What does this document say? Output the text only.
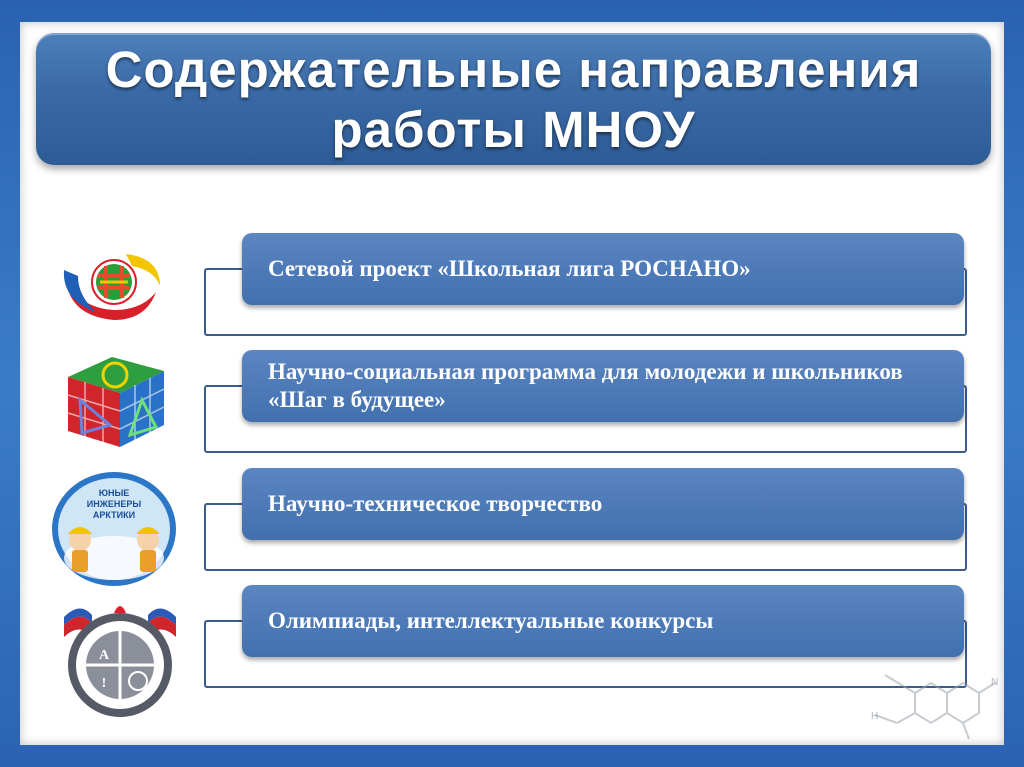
Содержательные направления
работы МНОУ
Сетевой проект «Школьная лига РОСНАНО»
Научно-социальная программа для молодежи и школьников «Шаг в будущее»
Научно-техническое творчество
Олимпиады, интеллектуальные конкурсы
ЮНЫЕ
ИНЖЕНЕРЫ
АРКТИКИ
A
!
H
N
